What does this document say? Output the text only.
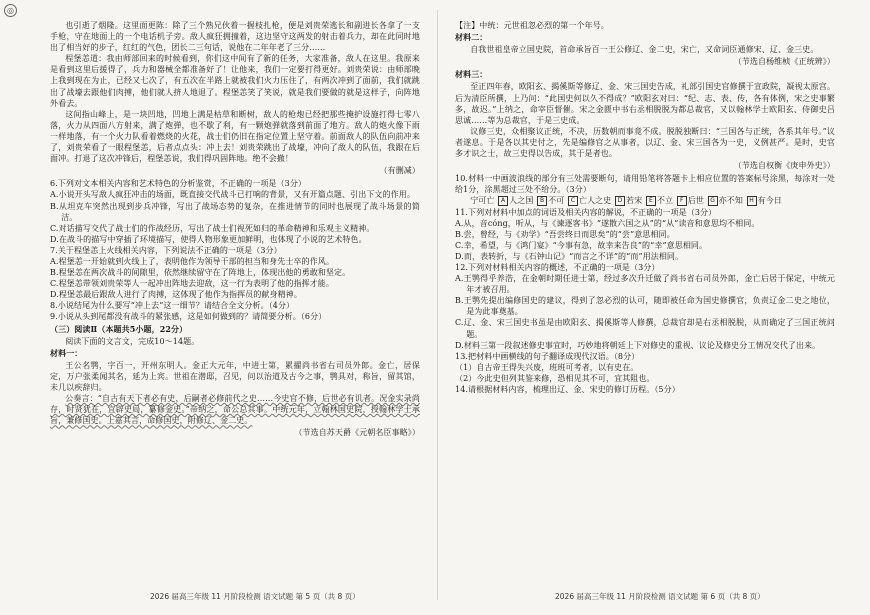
◎

也引逝了烟隆。这里面更陈：除了三个熟兄伙着一握枝扎枪，便是刘贵荣逃长和副进长各拿了一支手枪，守在地面上的一个电话机子旁。敌人疯狂拥撞着，这边坚守这两发的射击着兵力，却在此同时地出了相当好的步子，红红的气色，团长二三句话，说他在二年年老了三分……

程堡恙道：我由师部回来的时候看到，你们这中间有了新的任务，大家准备，敌人在这里。我原来是看到这里后援得了，兵力和器械全都准备好了！让他来，我们一定要打得更好。刘贵荣说：由师部晚上我到现在为止，已经又七次了，有五次在半路上就被我们火力压住了，有两次冲到了面前，我们就跳出了战壕去跟他们肉搏，他们就人挤人地退了。程堡恙笑了笑说，就是我们要做的就是这样子，向阵地外看去。

这间指山峰上，是一块凹地，凹地上满是枯草和断树，敌人的枪炮已经把那些掩护设施打得七零八落，火力从四面八方射来，满了炮弹，也不歇了利，有一颗炮弹就落到前面了地方。敌人的炮火像下雨一样地落，有一个火力队看着燃烧的火花，战士们仍旧在指定位置上坚守着。前面敌人的队伍向前冲来了，刘贵荣看了一眼程堡恙，后者点点头：冲上去！刘贵荣跳出了战壕，冲向了敌人的队伍，我跟在后面冲。打退了这次冲锋后，程堡恙说，我们得巩固阵地。绝不会撤！

（有删减）

6.下列对文本相关内容和艺术特色的分析鉴赏，不正确的一项是（3分）

A.小说开头写敌人疯狂冲击的场面，既直接交代战斗已打响的背景，又有开篇点题、引出下文的作用。

B.从坦克车突然出现到步兵冲锋，写出了战场态势的复杂，在推进情节的同时也展现了战斗场景的简洁。

C.对话描写交代了战士们的作战经历，写出了战士们视死如归的革命精神和乐观主义精神。

D.在战斗的描写中穿插了环境描写，使得人物形象更加鲜明，也体现了小说的艺术特色。

7.关于程堡恙上火线相关内容，下列说法不正确的一项是（3分）

A.程堡恙一开始就到火线上了，表明他作为领导干部的担当和身先士卒的作风。

B.程堡恙在两次战斗的间隙里，依然继续留守在了阵地上，体现出他的勇敢和坚定。

C.程堡恙带领刘贵荣等人一起冲出阵地去迎敌，这一行为表明了他的指挥才能。

D.程堡恙最后跟敌人进行了肉搏，这体现了他作为指挥员的献身精神。

8.小说结尾为什么要写“冲上去”这一细节？请结合全文分析。（4分）

9.小说从头到尾都没有战斗的紧张感，这是如何做到的？请简要分析。（6分）

（三）阅读Ⅱ（本题共5小题，22分）

阅读下面的文言文，完成10～14题。

材料一：

王公名鹗，字百一，开州东明人。金正大元年，中进士第，累擢尚书省右司员外郎。金亡，居保定，万户张柔闻其名，延为上宾。世祖在潜邸，召见，问以治道及古今之事，鹗具对，称旨，留其馆，未几以疾辞归。

公奏言：“自古有天下者必有史，后嗣者必修前代之史……今史官不修，后世必有讥者。况金实录尚存，时贤犹在，宜辟史局，纂修金史。”帝纳之，命公总其事。中统元年，立翰林国史院，授翰林学士承旨，兼修国史。上嘉其言，命修国史，附修辽、金二史。

（节选自苏天爵《元朝名臣事略》）

【注】中统：元世祖忽必烈的第一个年号。

材料二：

自我世祖皇帝立国史院，首命承旨百一王公修辽、金二史，宋亡，又命词臣通修宋、辽、金三史。

（节选自杨维桢《正统辨》）

材料三：

至正四年春，欧阳玄、揭傒斯等修辽、金、宋三国史告成，礼部引国史官修撰于宣政院，凝视太原宫。后为清臣所撰，上乃问：“此国史何以久不得成？”欧阳玄对曰：“纪、志、表、传，各有体例，宋之史事繁多，故迟。”上纳之，命宰臣督催。宋之金匮中书右丞相脱脱为都总裁官，又以翰林学士欧阳玄、侍御史吕思诚……等为总裁官，于是三史成。

议修三史，众相聚议正统，不决，历数朝而事竟不成。脱脱独断曰：“三国各与正统，各系其年号。”议者遂息。于是各以其史付之，先是编修官之从事者，以辽、金、宋三国各为一史，义例甚严。是时，史官多才识之士，故三史得以告成，其于是者也。

（节选自权衡《庚申外史》）

10.材料一中画波浪线的部分有三处需要断句，请用铅笔将答题卡上相应位置的答案标号涂黑，每涂对一处给1分，涂黑超过三处不给分。（3分）

宁可亡 A 人之国 B 不可 C 亡人之史 D 若宋 E 不立 F 后世 G 亦不知 H 有今日

11.下列对材料中加点的词语及相关内容的解说，不正确的一项是（3分）

A.从，音cóng，听从，与《谏逐客书》“遂散六国之从”的“从”读音和意思均不相同。

B.尝，曾经，与《劝学》“吾尝终日而思矣”的“尝”意思相同。

C.幸，希望，与《鸿门宴》“今事有急，故幸来告良”的“幸”意思相同。

D.而，表转折，与《石钟山记》“而言之不详”的“而”用法相同。

12.下列对材料相关内容的概述，不正确的一项是（3分）

A.王鹗得乎养浩，在金朝时期任进士第，经过多次升迁做了尚书省右司员外郎，金亡后居于保定，中统元年才被召用。

B.王鹗先提出编修国史的建议，得到了忽必烈的认可，随即被任命为国史修撰官，负责辽金二史之地位，是为此事奠基。

C.辽、金、宋三国史书虽是由欧阳玄、揭傒斯等人修撰，总裁官却是右丞相脱脱，从而确定了三国正统问题。

D.材料三第一段叙述修史事宜时，巧妙地将朝廷上下对修史的重视、议论及修史分工情况交代了出来。

13.把材料中画横线的句子翻译成现代汉语。（8分）

（1）自古帝王得失兴废，班班可考者，以有史在。

（2）今此史但列其鉴来修，恐相见其不可，宜其阻也。

14.请根据材料内容，梳理出辽、金、宋史的修订历程。（5分）

2026 届高三年级 11 月阶段检测 语文试题 第 5 页（共 8 页）	2026 届高三年级 11 月阶段检测 语文试题 第 6 页（共 8 页）
